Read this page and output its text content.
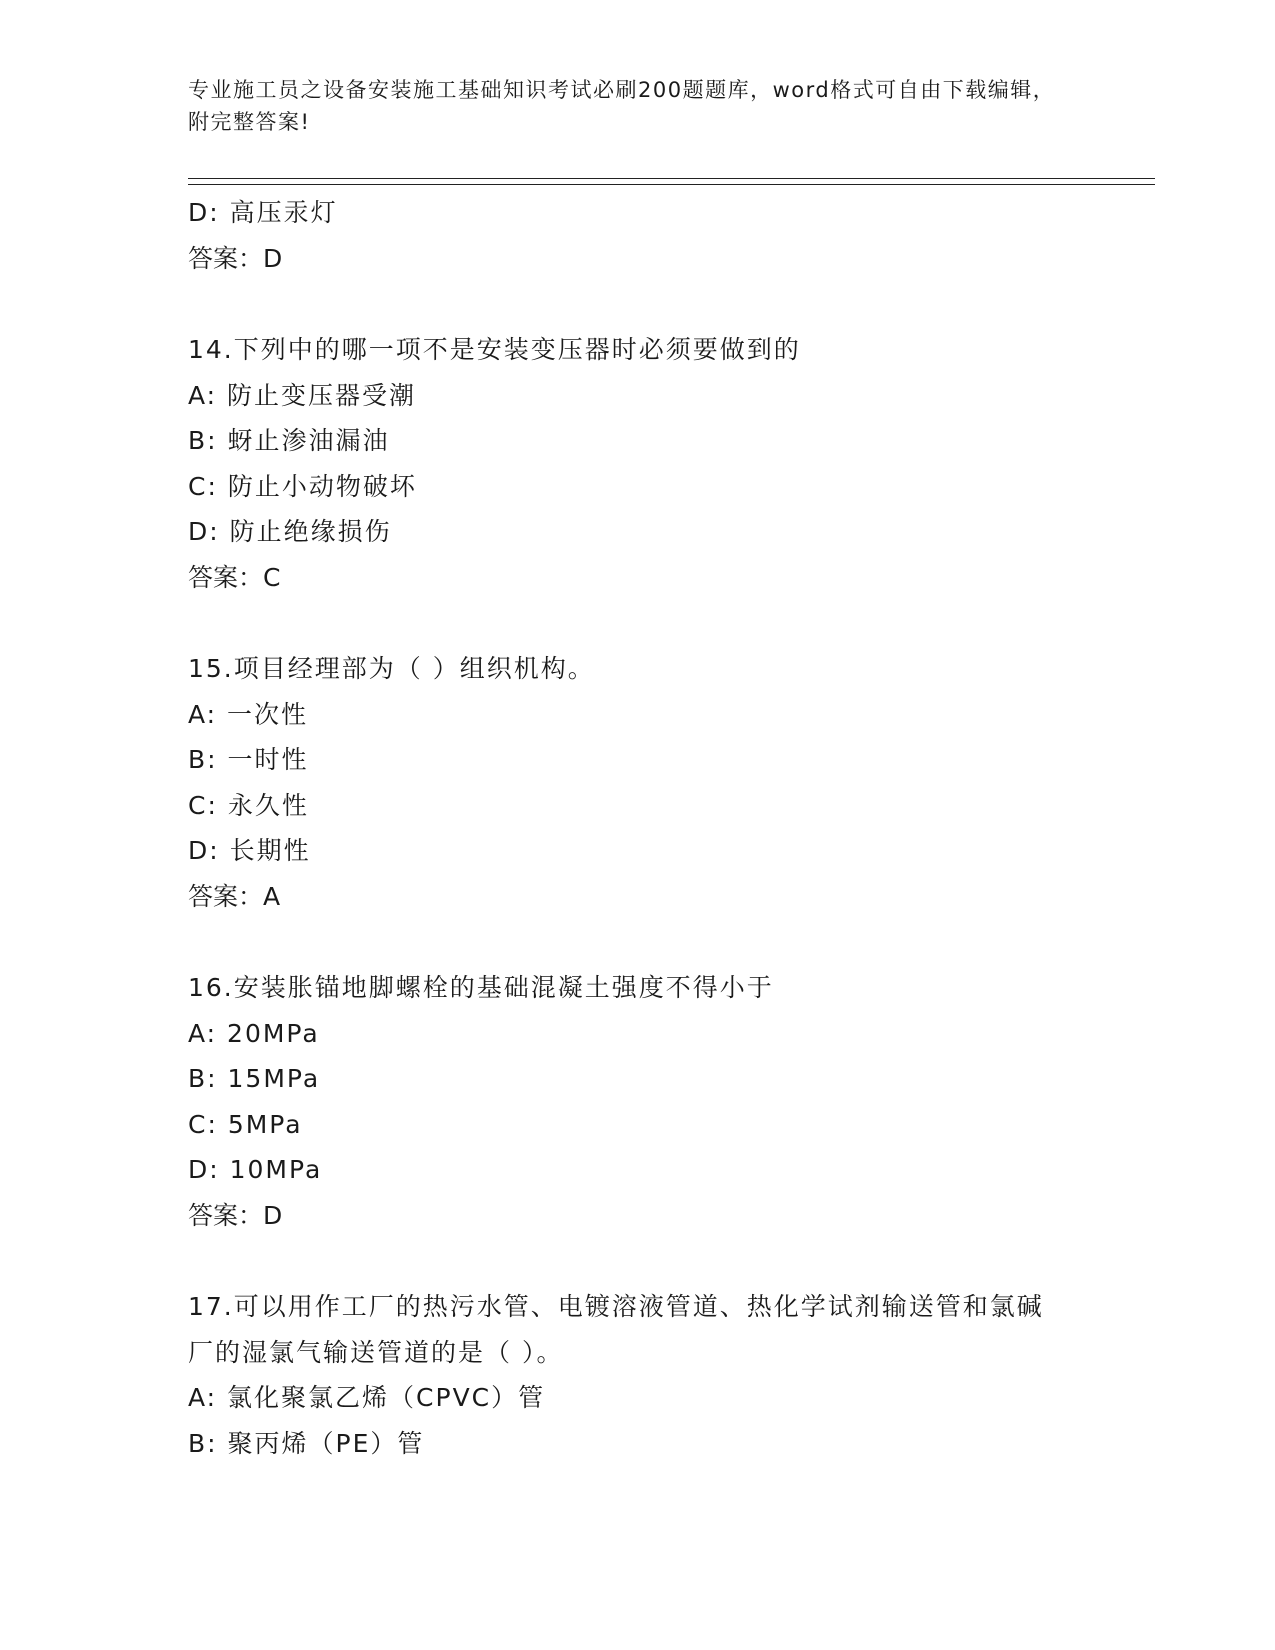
专业施工员之设备安装施工基础知识考试必刷200题题库，word格式可自由下载编辑，附完整答案!
D: 高压汞灯
答案：D
14.下列中的哪一项不是安装变压器时必须要做到的
A: 防止变压器受潮
B: 蚜止渗油漏油
C: 防止小动物破坏
D: 防止绝缘损伤
答案：C
15.项目经理部为（ ）组织机构。
A: 一次性
B: 一时性
C: 永久性
D: 长期性
答案：A
16.安装胀锚地脚螺栓的基础混凝土强度不得小于
A: 20MPa
B: 15MPa
C: 5MPa
D: 10MPa
答案：D
17.可以用作工厂的热污水管、电镀溶液管道、热化学试剂输送管和氯碱厂的湿氯气输送管道的是（ ）。
A: 氯化聚氯乙烯（CPVC）管
B: 聚丙烯（PE）管
